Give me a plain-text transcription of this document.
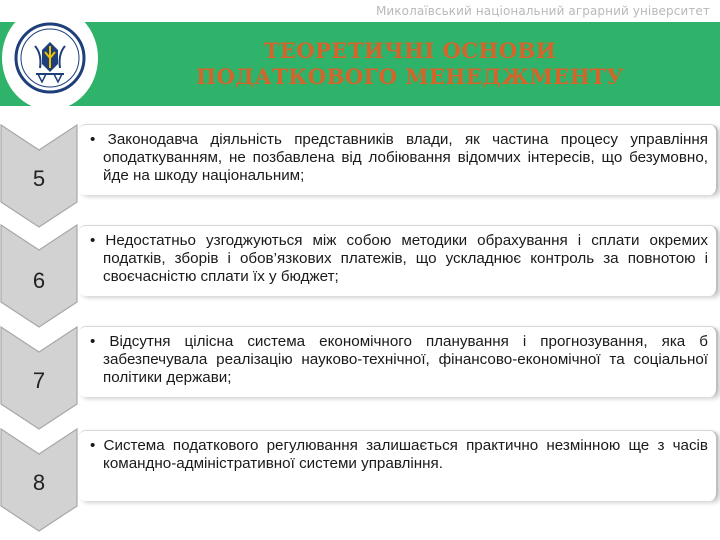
Миколаївський національний аграрний університет
ТЕОРЕТИЧНІ ОСНОВИ ПОДАТКОВОГО МЕНЕДЖМЕНТУ
5
• Законодавча діяльність представників влади, як частина процесу управління оподаткуванням, не позбавлена від лобіювання відомчих інтересів, що безумовно, йде на шкоду національним;
6
• Недостатньо узгоджуються між собою методики обрахування і сплати окремих податків, зборів і обов’язкових платежів, що ускладнює контроль за повнотою і своєчасністю сплати їх у бюджет;
7
• Відсутня цілісна система економічного планування і прогнозування, яка б забезпечувала реалізацію науково-технічної, фінансово-економічної та соціальної політики держави;
8
• Система податкового регулювання залишається практично незмінною ще з часів командно-адміністративної системи управління.
